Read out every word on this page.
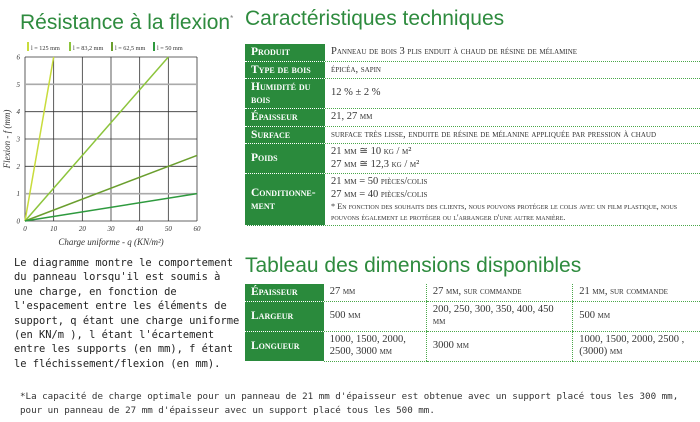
Résistance à la flexion*
0	10	20	30	40	50	60
0
1
2
3
4
5
6
l = 125 mm l = 83,2 mm l = 62,5 mm l = 50 mm
Charge uniforme - q (KN/m²)
Flexion - f (mm)
Le diagramme montre le comportement du panneau lorsqu'il est soumis à une charge, en fonction de l'espacement entre les éléments de support, q étant une charge uniforme (en KN/m ), l étant l'écartement entre les supports (en mm), f étant le fléchissement/flexion (en mm).
Caractéristiques techniques
Produit	Panneau de bois 3 plis enduit à chaud de résine de mélamine

Type de bois	épicéa, sapin

Humidité du bois	12 % ± 2 %

Épaisseur	21, 27 mm

Surface	surface très lisse, enduite de résine de mélanine appliquée par pression à chaud

Poids	21 mm ≅ 10 kg / m²
27 mm ≅ 12,3 kg / m²

Conditionne-ment	21 mm = 50 pièces/colis
27 mm = 40 pièces/colis
* En fonction des souhaits des clients, nous pouvons protéger le colis avec un film plastique, nous pouvons également le protéger ou l'arranger d'une autre manière.
Tableau des dimensions disponibles
Épaisseur	27 mm	27 mm, sur commande	21 mm, sur commande
Largeur	500 mm	200, 250, 300, 350, 400, 450 mm	500 mm
Longueur	1000, 1500, 2000, 2500, 3000 mm	3000 mm	1000, 1500, 2000, 2500 , (3000) mm
*La capacité de charge optimale pour un panneau de 21 mm d'épaisseur est obtenue avec un support placé tous les 300 mm, pour un panneau de 27 mm d'épaisseur avec un support placé tous les 500 mm.
